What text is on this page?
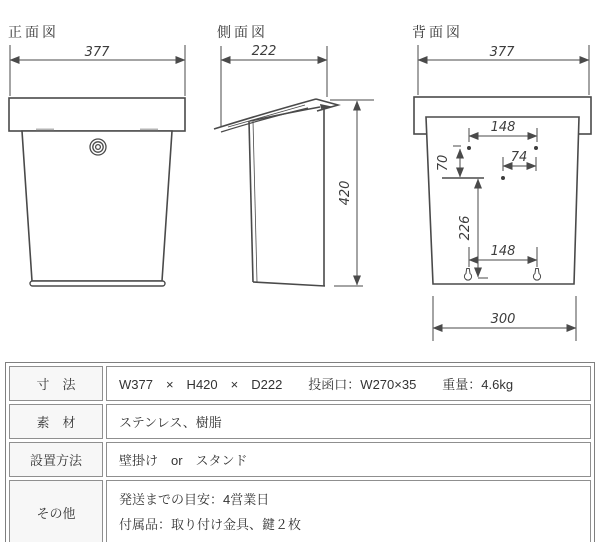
正面図	側面図	背面図
377	222
420
377
148
74
70
226
148
300
寸　法	W377　×　H420　×　D222　　投函口：W270×35　　重量：4.6kg
素　材	ステンレス、樹脂
設置方法	壁掛け　or　スタンド
その他	発送までの目安：4営業日
付属品：取り付け金具、鍵２枚
